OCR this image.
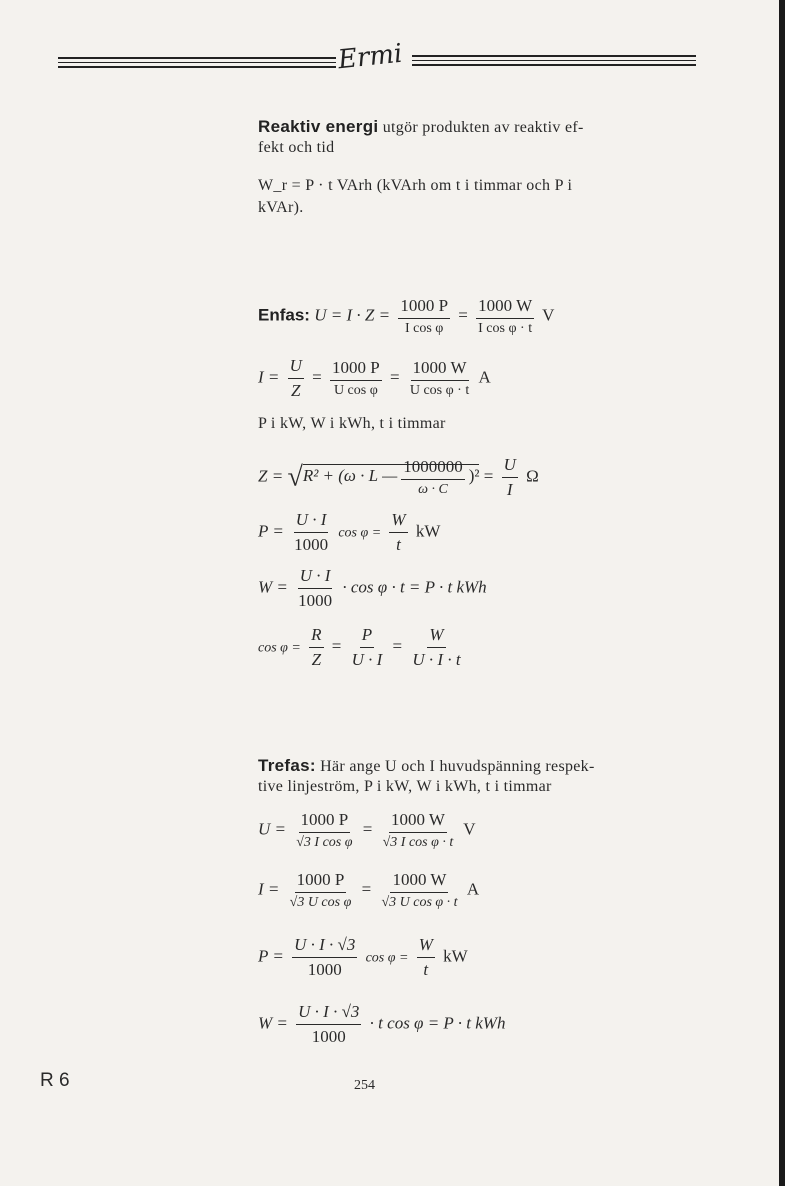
Ermi
Reaktiv energi utgör produkten av reaktiv ef-
fekt och tid
W_r = P · t VArh (kVArh om t i timmar och P i
kVAr).
Enfas: $U = I \cdot Z = \frac{1000 P}{\text{I cos φ}} = \frac{1000 W}{\text{I cos φ · t}}$ V
$I = \frac{U}{Z} = \frac{1000 P}{\text{U cos φ}} = \frac{1000 W}{\text{U cos φ · t}}$ A
P i kW, W i kWh, t i timmar
Z = √R² + (ω · L — $\frac{1000000}{\omega \cdot C} )^2 = \frac{U}{I}$ Ω
$P = \frac{U \cdot I}{1000}$ $\cos \varphi = \frac{W}{t}$ kW
$W = \frac{U \cdot I}{1000} \cdot \cos \varphi \cdot t = P \cdot t$ kWh
$\cos \varphi = \frac{R}{Z} = \frac{P}{U \cdot I} = \frac{W}{U \cdot I \cdot t}$
Trefas: Här ange U och I huvudspänning respek-
tive linjeström, P i kW, W i kWh, t i timmar
$U = \frac{1000 P}{\text{√3 I cos φ}} = \frac{1000 W}{\text{√3 I cos φ · t}}$ V
$I = \frac{1000 P}{\text{√3 U cos φ}} = \frac{1000 W}{\text{√3 U cos φ · t}}$ A
$P = \frac{U \cdot I \cdot √3}{1000}$ $\cos \varphi = \frac{W}{t}$ kW
$W = \frac{U \cdot I \cdot √3}{1000} \cdot t$ cos φ = P · t kWh
R 6	254
